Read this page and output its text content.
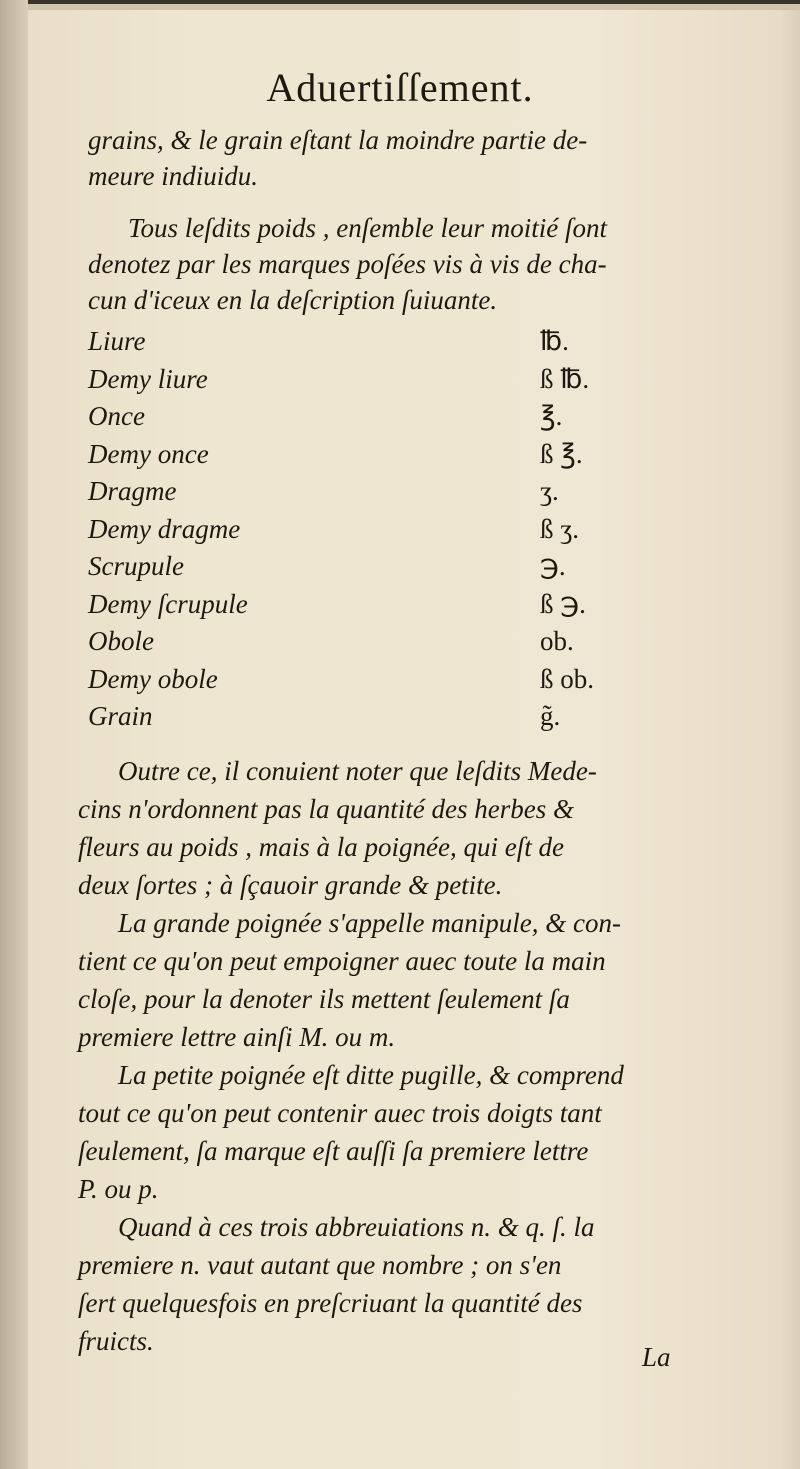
Aduertiſſement.

grains, & le grain eſtant la moindre partie de-

meure indiuidu.

Tous leſdits poids , enſemble leur moitié ſont

denotez par les marques poſées vis à vis de cha-

cun d'iceux en la deſcription ſuiuante.

Liure	℔.
Demy liure	ß ℔.
Once	℥.
Demy once	ß ℥.
Dragme	ʒ.
Demy dragme	ß ʒ.
Scrupule	℈.
Demy ſcrupule	ß ℈.
Obole	ob.
Demy obole	ß ob.
Grain	g̃.

Outre ce, il conuient noter que leſdits Mede-

cins n'ordonnent pas la quantité des herbes &

fleurs au poids , mais à la poignée, qui eſt de

deux ſortes ; à ſçauoir grande & petite.

La grande poignée s'appelle manipule, & con-

tient ce qu'on peut empoigner auec toute la main

cloſe, pour la denoter ils mettent ſeulement ſa

premiere lettre ainſi M. ou m.

La petite poignée eſt ditte pugille, & comprend

tout ce qu'on peut contenir auec trois doigts tant

ſeulement, ſa marque eſt auſſi ſa premiere lettre

P. ou p.

Quand à ces trois abbreuiations n. & q. ſ. la

premiere n. vaut autant que nombre ; on s'en

ſert quelquesfois en preſcriuant la quantité des

fruicts.

La
